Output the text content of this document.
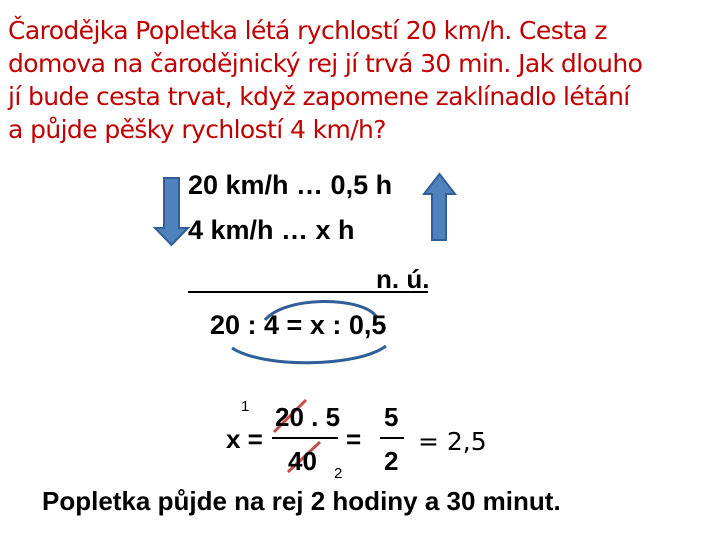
Čarodějka Popletka létá rychlostí 20 km/h. Cesta z
domova na čarodějnický rej jí trvá 30 min. Jak dlouho
jí bude cesta trvat, když zapomene zaklínadlo létání
a půjde pěšky rychlostí 4 km/h?
20 km/h … 0,5 h
4 km/h … x h
n. ú.
20 : 4 = x : 0,5
1
x =
20 . 5
40 2
=
5
2
= 2,5
Popletka půjde na rej 2 hodiny a 30 minut.
